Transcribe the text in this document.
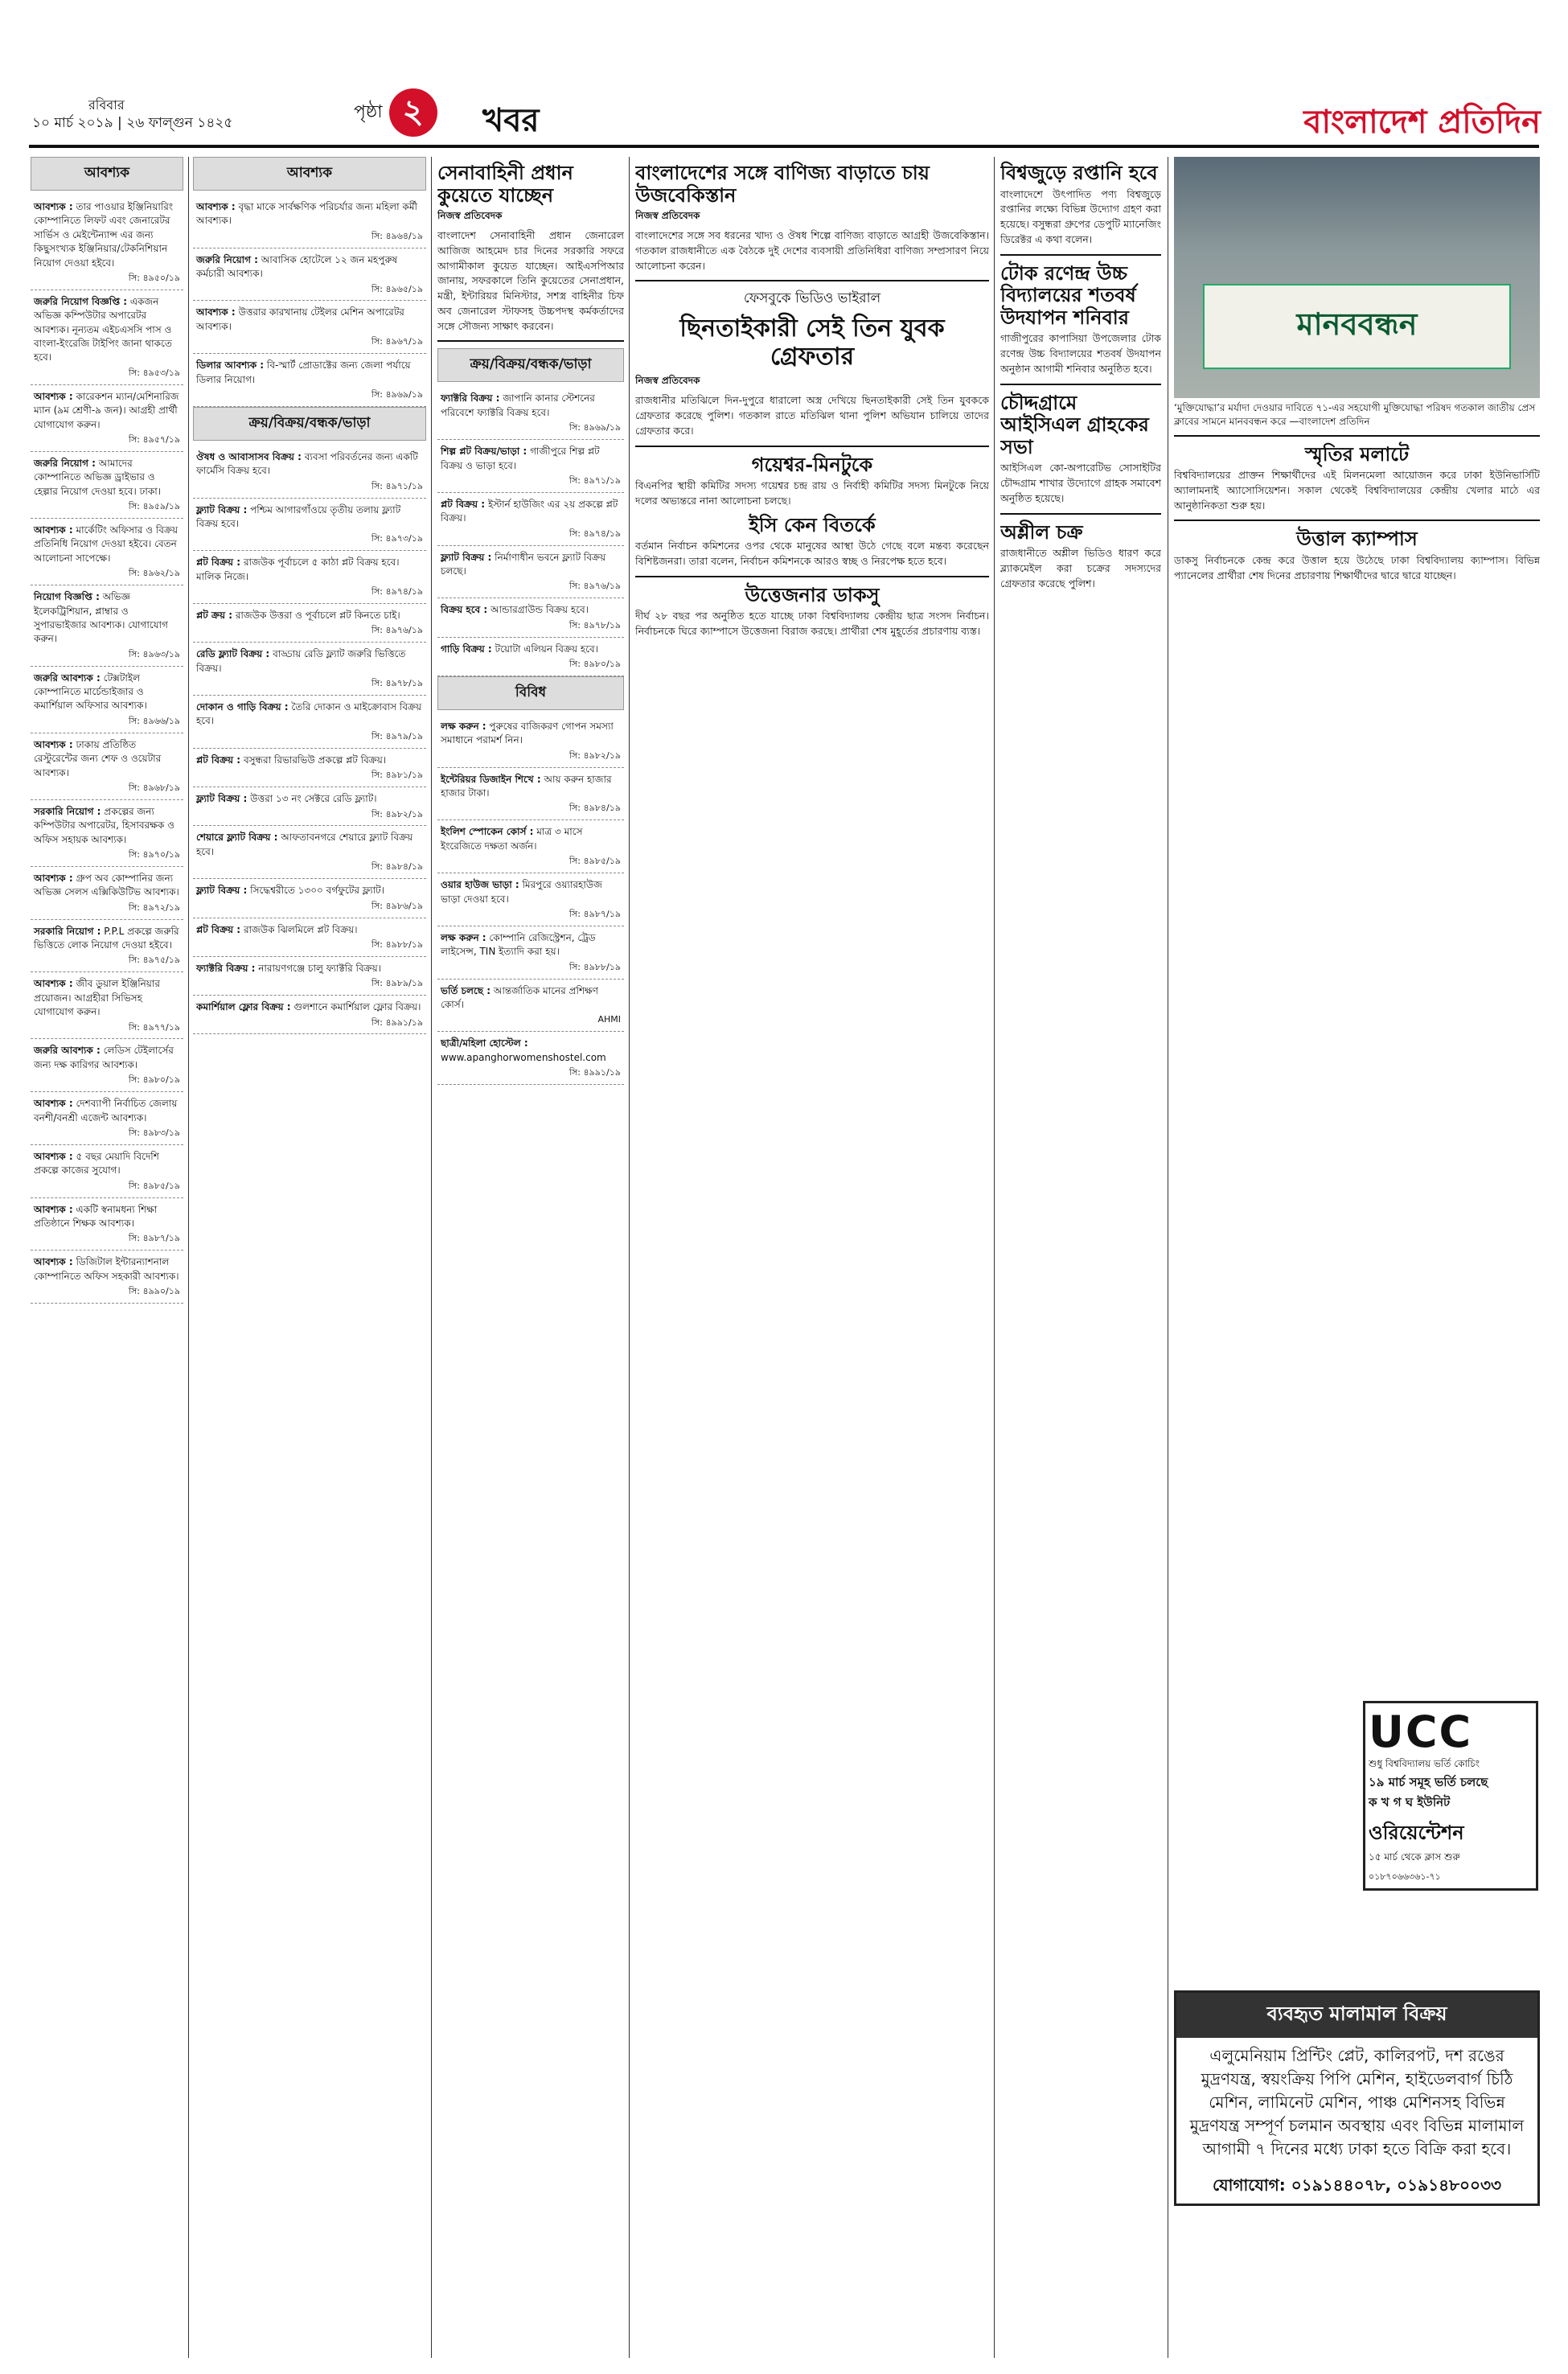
রবিবার
১০ মার্চ ২০১৯ | ২৬ ফাল্গুন ১৪২৫
পৃষ্ঠা ২	খবর	বাংলাদেশ প্রতিদিন
আবশ্যক
আবশ্যক : তার পাওয়ার ইঞ্জিনিয়ারিং কোম্পানিতে লিফট এবং জেনারেটর সার্ভিস ও মেইন্টেন্যান্স এর জন্য কিছুসংখ্যক ইঞ্জিনিয়ার/টেকনিশিয়ান নিয়োগ দেওয়া হইবে।
সি: ৪৯৫০/১৯
জরুরি নিয়োগ বিজ্ঞপ্তি : একজন অভিজ্ঞ কম্পিউটার অপারেটর আবশ্যক। নূন্যতম এইচএসসি পাস ও বাংলা-ইংরেজি টাইপিং জানা থাকতে হবে।
সি: ৪৯৫৩/১৯
আবশ্যক : কারেকশন ম্যান/মেশিনারিজ ম্যান (৯ম শ্রেণী-৯ জন)। আগ্রহী প্রার্থী যোগাযোগ করুন।
সি: ৪৯৫৭/১৯
জরুরি নিয়োগ : আমাদের কোম্পানিতে অভিজ্ঞ ড্রাইভার ও হেল্পার নিয়োগ দেওয়া হবে। ঢাকা।
সি: ৪৯৫৯/১৯
আবশ্যক : মার্কেটিং অফিসার ও বিক্রয় প্রতিনিধি নিয়োগ দেওয়া হইবে। বেতন আলোচনা সাপেক্ষে।
সি: ৪৯৬২/১৯
নিয়োগ বিজ্ঞপ্তি : অভিজ্ঞ ইলেকট্রিশিয়ান, প্লাম্বার ও সুপারভাইজার আবশ্যক। যোগাযোগ করুন।
সি: ৪৯৬৩/১৯
জরুরি আবশ্যক : টেক্সটাইল কোম্পানিতে মার্চেন্ডাইজার ও কমার্শিয়াল অফিসার আবশ্যক।
সি: ৪৯৬৬/১৯
আবশ্যক : ঢাকায় প্রতিষ্ঠিত রেস্টুরেন্টের জন্য শেফ ও ওয়েটার আবশ্যক।
সি: ৪৯৬৮/১৯
সরকারি নিয়োগ : প্রকল্পের জন্য কম্পিউটার অপারেটর, হিসাবরক্ষক ও অফিস সহায়ক আবশ্যক।
সি: ৪৯৭০/১৯
আবশ্যক : গ্রুপ অব কোম্পানির জন্য অভিজ্ঞ সেলস এক্সিকিউটিভ আবশ্যক।
সি: ৪৯৭২/১৯
সরকারি নিয়োগ : P.P.L প্রকল্পে জরুরি ভিত্তিতে লোক নিয়োগ দেওয়া হইবে।
সি: ৪৯৭৫/১৯
আবশ্যক : জীব ডুয়াল ইঞ্জিনিয়ার প্রয়োজন। আগ্রহীরা সিভিসহ যোগাযোগ করুন।
সি: ৪৯৭৭/১৯
জরুরি আবশ্যক : লেডিস টেইলার্সের জন্য দক্ষ কারিগর আবশ্যক।
সি: ৪৯৮০/১৯
আবশ্যক : দেশব্যাপী নির্বাচিত জেলায় বনশী/বনশ্রী এজেন্ট আবশ্যক।
সি: ৪৯৮৩/১৯
আবশ্যক : ৫ বছর মেয়াদি বিদেশি প্রকল্পে কাজের সুযোগ।
সি: ৪৯৮৫/১৯
আবশ্যক : একটি স্বনামধন্য শিক্ষা প্রতিষ্ঠানে শিক্ষক আবশ্যক।
সি: ৪৯৮৭/১৯
আবশ্যক : ডিজিটাল ইন্টারন্যাশনাল কোম্পানিতে অফিস সহকারী আবশ্যক।
সি: ৪৯৯০/১৯
আবশ্যক
আবশ্যক : বৃদ্ধা মাকে সার্বক্ষণিক পরিচর্যার জন্য মহিলা কর্মী আবশ্যক।
সি: ৪৯৬৪/১৯
জরুরি নিয়োগ : আবাসিক হোটেলে ১২ জন মহপুরুষ কর্মচারী আবশ্যক।
সি: ৪৯৬৫/১৯
আবশ্যক : উত্তরার কারখানায় টেইলর মেশিন অপারেটর আবশ্যক।
সি: ৪৯৬৭/১৯
ডিলার আবশ্যক : বি-স্মার্ট প্রোডাক্টের জন্য জেলা পর্যায়ে ডিলার নিয়োগ।
সি: ৪৯৬৯/১৯
ক্রয়/বিক্রয়/বন্ধক/ভাড়া
ঔষধ ও আবাসাসব বিক্রয় : ব্যবসা পরিবর্তনের জন্য একটি ফার্মেসি বিক্রয় হবে।
সি: ৪৯৭১/১৯
ফ্ল্যাট বিক্রয় : পশ্চিম আগারগাঁওয়ে তৃতীয় তলায় ফ্ল্যাট বিক্রয় হবে।
সি: ৪৯৭৩/১৯
প্লট বিক্রয় : রাজউক পূর্বাচলে ৫ কাঠা প্লট বিক্রয় হবে। মালিক নিজে।
সি: ৪৯৭৪/১৯
প্লট ক্রয় : রাজউক উত্তরা ও পূর্বাচলে প্লট কিনতে চাই।
সি: ৪৯৭৬/১৯
রেডি ফ্ল্যাট বিক্রয় : বাড্ডায় রেডি ফ্ল্যাট জরুরি ভিত্তিতে বিক্রয়।
সি: ৪৯৭৮/১৯
দোকান ও গাড়ি বিক্রয় : তৈরি দোকান ও মাইক্রোবাস বিক্রয় হবে।
সি: ৪৯৭৯/১৯
প্লট বিক্রয় : বসুন্ধরা রিভারভিউ প্রকল্পে প্লট বিক্রয়।
সি: ৪৯৮১/১৯
ফ্ল্যাট বিক্রয় : উত্তরা ১৩ নং সেক্টরে রেডি ফ্ল্যাট।
সি: ৪৯৮২/১৯
শেয়ারে ফ্ল্যাট বিক্রয় : আফতাবনগরে শেয়ারে ফ্ল্যাট বিক্রয় হবে।
সি: ৪৯৮৪/১৯
ফ্ল্যাট বিক্রয় : সিদ্ধেশ্বরীতে ১৩০০ বর্গফুটের ফ্ল্যাট।
সি: ৪৯৮৬/১৯
প্লট বিক্রয় : রাজউক ঝিলমিলে প্লট বিক্রয়।
সি: ৪৯৮৮/১৯
ফ্যাক্টরি বিক্রয় : নারায়ণগঞ্জে চালু ফ্যাক্টরি বিক্রয়।
সি: ৪৯৮৯/১৯
কমার্শিয়াল ফ্লোর বিক্রয় : গুলশানে কমার্শিয়াল ফ্লোর বিক্রয়।
সি: ৪৯৯১/১৯
সেনাবাহিনী প্রধান কুয়েতে যাচ্ছেন
নিজস্ব প্রতিবেদক
বাংলাদেশ সেনাবাহিনী প্রধান জেনারেল আজিজ আহমেদ চার দিনের সরকারি সফরে আগামীকাল কুয়েত যাচ্ছেন। আইএসপিআর জানায়, সফরকালে তিনি কুয়েতের সেনাপ্রধান, মন্ত্রী, ইন্টারিয়র মিনিস্টার, সশস্ত্র বাহিনীর চিফ অব জেনারেল স্টাফসহ উচ্চপদস্থ কর্মকর্তাদের সঙ্গে সৌজন্য সাক্ষাৎ করবেন।
ক্রয়/বিক্রয়/বন্ধক/ভাড়া
ফ্যাক্টরি বিক্রয় : জাপানি কানার স্টেশনের পরিবেশে ফ্যাক্টরি বিক্রয় হবে।
সি: ৪৯৬৯/১৯
শিল্প প্লট বিক্রয়/ভাড়া : গাজীপুরে শিল্প প্লট বিক্রয় ও ভাড়া হবে।
সি: ৪৯৭১/১৯
প্লট বিক্রয় : ইস্টার্ন হাউজিং এর ২য় প্রকল্পে প্লট বিক্রয়।
সি: ৪৯৭৪/১৯
ফ্ল্যাট বিক্রয় : নির্মাণাধীন ভবনে ফ্ল্যাট বিক্রয় চলছে।
সি: ৪৯৭৬/১৯
বিক্রয় হবে : আন্ডারগ্রাউন্ড বিক্রয় হবে।
সি: ৪৯৭৮/১৯
গাড়ি বিক্রয় : টয়োটা এলিয়ন বিক্রয় হবে।
সি: ৪৯৮০/১৯
বিবিধ
লক্ষ করুন : পুরুষের বাজিকরণ গোপন সমস্যা সমাধানে পরামর্শ নিন।
সি: ৪৯৮২/১৯
ইন্টেরিয়র ডিজাইন শিখে : আয় করুন হাজার হাজার টাকা।
সি: ৪৯৮৪/১৯
ইংলিশ স্পোকেন কোর্স : মাত্র ৩ মাসে ইংরেজিতে দক্ষতা অর্জন।
সি: ৪৯৮৫/১৯
ওয়ার হাউজ ভাড়া : মিরপুরে ওয়্যারহাউজ ভাড়া দেওয়া হবে।
সি: ৪৯৮৭/১৯
লক্ষ করুন : কোম্পানি রেজিস্ট্রেশন, ট্রেড লাইসেন্স, TIN ইত্যাদি করা হয়।
সি: ৪৯৮৮/১৯
ভর্তি চলছে : আন্তর্জাতিক মানের প্রশিক্ষণ কোর্স।
AHMI
ছাত্রী/মহিলা হোস্টেল : www.apanghorwomenshostel.com
সি: ৪৯৯১/১৯
বাংলাদেশের সঙ্গে বাণিজ্য বাড়াতে চায় উজবেকিস্তান
নিজস্ব প্রতিবেদক
বাংলাদেশের সঙ্গে সব ধরনের খাদ্য ও ঔষধ শিল্পে বাণিজ্য বাড়াতে আগ্রহী উজবেকিস্তান। গতকাল রাজধানীতে এক বৈঠকে দুই দেশের ব্যবসায়ী প্রতিনিধিরা বাণিজ্য সম্প্রসারণ নিয়ে আলোচনা করেন।
ফেসবুকে ভিডিও ভাইরাল
ছিনতাইকারী সেই তিন যুবক গ্রেফতার
নিজস্ব প্রতিবেদক
রাজধানীর মতিঝিলে দিন-দুপুরে ধারালো অস্ত্র দেখিয়ে ছিনতাইকারী সেই তিন যুবককে গ্রেফতার করেছে পুলিশ। গতকাল রাতে মতিঝিল থানা পুলিশ অভিযান চালিয়ে তাদের গ্রেফতার করে।
গয়েশ্বর-মিনটুকে
বিএনপির স্থায়ী কমিটির সদস্য গয়েশ্বর চন্দ্র রায় ও নির্বাহী কমিটির সদস্য মিনটুকে নিয়ে দলের অভ্যন্তরে নানা আলোচনা চলছে।
ইসি কেন বিতর্কে
বর্তমান নির্বাচন কমিশনের ওপর থেকে মানুষের আস্থা উঠে গেছে বলে মন্তব্য করেছেন বিশিষ্টজনরা। তারা বলেন, নির্বাচন কমিশনকে আরও স্বচ্ছ ও নিরপেক্ষ হতে হবে।
উত্তেজনার ডাকসু
দীর্ঘ ২৮ বছর পর অনুষ্ঠিত হতে যাচ্ছে ঢাকা বিশ্ববিদ্যালয় কেন্দ্রীয় ছাত্র সংসদ নির্বাচন। নির্বাচনকে ঘিরে ক্যাম্পাসে উত্তেজনা বিরাজ করছে। প্রার্থীরা শেষ মুহূর্তের প্রচারণায় ব্যস্ত।
বিশ্বজুড়ে রপ্তানি হবে
বাংলাদেশে উৎপাদিত পণ্য বিশ্বজুড়ে রপ্তানির লক্ষ্যে বিভিন্ন উদ্যোগ গ্রহণ করা হয়েছে। বসুন্ধরা গ্রুপের ডেপুটি ম্যানেজিং ডিরেক্টর এ কথা বলেন।
টোক রণেন্দ্র উচ্চ বিদ্যালয়ের শতবর্ষ উদযাপন শনিবার
গাজীপুরের কাপাসিয়া উপজেলার টোক রণেন্দ্র উচ্চ বিদ্যালয়ের শতবর্ষ উদযাপন অনুষ্ঠান আগামী শনিবার অনুষ্ঠিত হবে।
চৌদ্দগ্রামে আইসিএল গ্রাহকের সভা
আইসিএল কো-অপারেটিভ সোসাইটির চৌদ্দগ্রাম শাখার উদ্যোগে গ্রাহক সমাবেশ অনুষ্ঠিত হয়েছে।
অশ্লীল চক্র
রাজধানীতে অশ্লীল ভিডিও ধারণ করে ব্ল্যাকমেইল করা চক্রের সদস্যদের গ্রেফতার করেছে পুলিশ।
মানববন্ধন
‘মুক্তিযোদ্ধা’র মর্যাদা দেওয়ার দাবিতে ৭১-এর সহযোগী মুক্তিযোদ্ধা পরিষদ গতকাল জাতীয় প্রেস ক্লাবের সামনে মানববন্ধন করে —বাংলাদেশ প্রতিদিন
স্মৃতির মলাটে
বিশ্ববিদ্যালয়ের প্রাক্তন শিক্ষার্থীদের এই মিলনমেলা আয়োজন করে ঢাকা ইউনিভার্সিটি অ্যালামনাই অ্যাসোসিয়েশন। সকাল থেকেই বিশ্ববিদ্যালয়ের কেন্দ্রীয় খেলার মাঠে এর আনুষ্ঠানিকতা শুরু হয়।
উত্তাল ক্যাম্পাস
ডাকসু নির্বাচনকে কেন্দ্র করে উত্তাল হয়ে উঠেছে ঢাকা বিশ্ববিদ্যালয় ক্যাম্পাস। বিভিন্ন প্যানেলের প্রার্থীরা শেষ দিনের প্রচারণায় শিক্ষার্থীদের দ্বারে দ্বারে যাচ্ছেন।
UCC
শুধু বিশ্ববিদ্যালয় ভর্তি কোচিং
১৯ মার্চ সমূহ ভর্তি চলছে
ক খ গ ঘ ইউনিট
ওরিয়েন্টেশন
১৫ মার্চ থেকে ক্লাস শুরু
০১৮৭০৬৬৩৬১-৭১
ব্যবহৃত মালামাল বিক্রয়
এলুমেনিয়াম প্রিন্টিং প্লেট, কালিরপট, দশ রঙের মুদ্রণযন্ত্র, স্বয়ংক্রিয় পিপি মেশিন, হাইডেলবার্গ চিঠি মেশিন, লামিনেট মেশিন, পাঞ্চ মেশিনসহ বিভিন্ন মুদ্রণযন্ত্র সম্পূর্ণ চলমান অবস্থায় এবং বিভিন্ন মালামাল আগামী ৭ দিনের মধ্যে ঢাকা হতে বিক্রি করা হবে।
যোগাযোগ: ০১৯১৪৪০৭৮, ০১৯১৪৮০০৩৩
